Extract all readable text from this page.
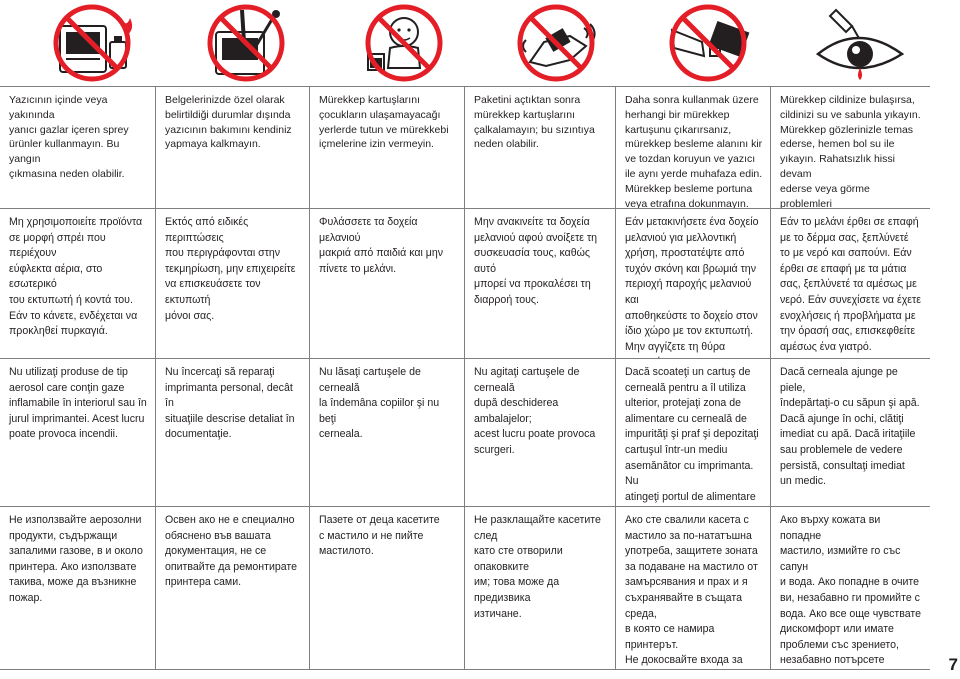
Yazıcının içinde veya yakınında
yanıcı gazlar içeren sprey
ürünler kullanmayın. Bu yangın
çıkmasına neden olabilir.
Belgelerinizde özel olarak
belirtildiği durumlar dışında
yazıcının bakımını kendiniz
yapmaya kalkmayın.
Mürekkep kartuşlarını
çocukların ulaşamayacağı
yerlerde tutun ve mürekkebi
içmelerine izin vermeyin.
Paketini açtıktan sonra
mürekkep kartuşlarını
çalkalamayın; bu sızıntıya
neden olabilir.
Daha sonra kullanmak üzere
herhangi bir mürekkep
kartuşunu çıkarırsanız,
mürekkep besleme alanını kir
ve tozdan koruyun ve yazıcı
ile aynı yerde muhafaza edin.
Mürekkep besleme portuna
veya etrafına dokunmayın.
Mürekkep cildinize bulaşırsa,
cildinizi su ve sabunla yıkayın.
Mürekkep gözlerinizle temas
ederse, hemen bol su ile
yıkayın. Rahatsızlık hissi devam
ederse veya görme problemleri

Μη χρησιμοποιείτε προϊόντα
σε μορφή σπρέι που περιέχουν
εύφλεκτα αέρια, στο εσωτερικό
του εκτυπωτή ή κοντά του.
Εάν το κάνετε, ενδέχεται να
προκληθεί πυρκαγιά.
Εκτός από ειδικές περιπτώσεις
που περιγράφονται στην
τεκμηρίωση, μην επιχειρείτε
να επισκευάσετε τον εκτυπωτή
μόνοι σας.
Φυλάσσετε τα δοχεία μελανιού
μακριά από παιδιά και μην
πίνετε το μελάνι.
Μην ανακινείτε τα δοχεία
μελανιού αφού ανοίξετε τη
συσκευασία τους, καθώς αυτό
μπορεί να προκαλέσει τη
διαρροή τους.
Εάν μετακινήσετε ένα δοχείο
μελανιού για μελλοντική
χρήση, προστατέψτε από
τυχόν σκόνη και βρωμιά την
περιοχή παροχής μελανιού και
αποθηκεύστε το δοχείο στον
ίδιο χώρο με τον εκτυπωτή.
Μην αγγίζετε τη θύρα

Εάν το μελάνι έρθει σε επαφή
με το δέρμα σας, ξεπλύνετέ
το με νερό και σαπούνι. Εάν
έρθει σε επαφή με τα μάτια
σας, ξεπλύνετέ τα αμέσως με
νερό. Εάν συνεχίσετε να έχετε
ενοχλήσεις ή προβλήματα με
την όρασή σας, επισκεφθείτε
αμέσως ένα γιατρό.
Nu utilizaţi produse de tip
aerosol care conţin gaze
inflamabile în interiorul sau în
jurul imprimantei. Acest lucru
poate provoca incendii.
Nu încercaţi să reparaţi
imprimanta personal, decât în
situaţiile descrise detaliat în
documentaţie.
Nu lăsaţi cartuşele de cerneală
la îndemâna copiilor şi nu beţi
cerneala.
Nu agitaţi cartuşele de cerneală
după deschiderea ambalajelor;
acest lucru poate provoca
scurgeri.
Dacă scoateţi un cartuş de
cerneală pentru a îl utiliza
ulterior, protejaţi zona de
alimentare cu cerneală de
impurităţi şi praf şi depozitaţi
cartuşul într-un mediu
asemănător cu imprimanta. Nu
atingeţi portul de alimentare

Dacă cerneala ajunge pe piele,
îndepărtaţi-o cu săpun şi apă.
Dacă ajunge în ochi, clătiţi
imediat cu apă. Dacă iritaţiile
sau problemele de vedere
persistă, consultaţi imediat
un medic.
Не използвайте аерозолни
продукти, съдържащи
запалими газове, в и около
принтера. Ако използвате
такива, може да възникне
пожар.
Освен ако не е специално
обяснено във вашата
документация, не се
опитвайте да ремонтирате
принтера сами.
Пазете от деца касетите
с мастило и не пийте
мастилото.
Не разклащайте касетите след
като сте отворили опаковките
им; това може да предизвика
изтичане.
Ако сте свалили касета с
мастило за по-нататъшна
употреба, защитете зоната
за подаване на мастило от
замърсявания и прах и я
съхранявайте в същата среда,
в която се намира принтерът.
Не докосвайте входа за

Ако върху кожата ви попадне
мастило, измийте го със сапун
и вода. Ако попадне в очите
ви, незабавно ги промийте с
вода. Ако все още чувствате
дискомфорт или имате
проблеми със зрението,
незабавно потърсете	7
